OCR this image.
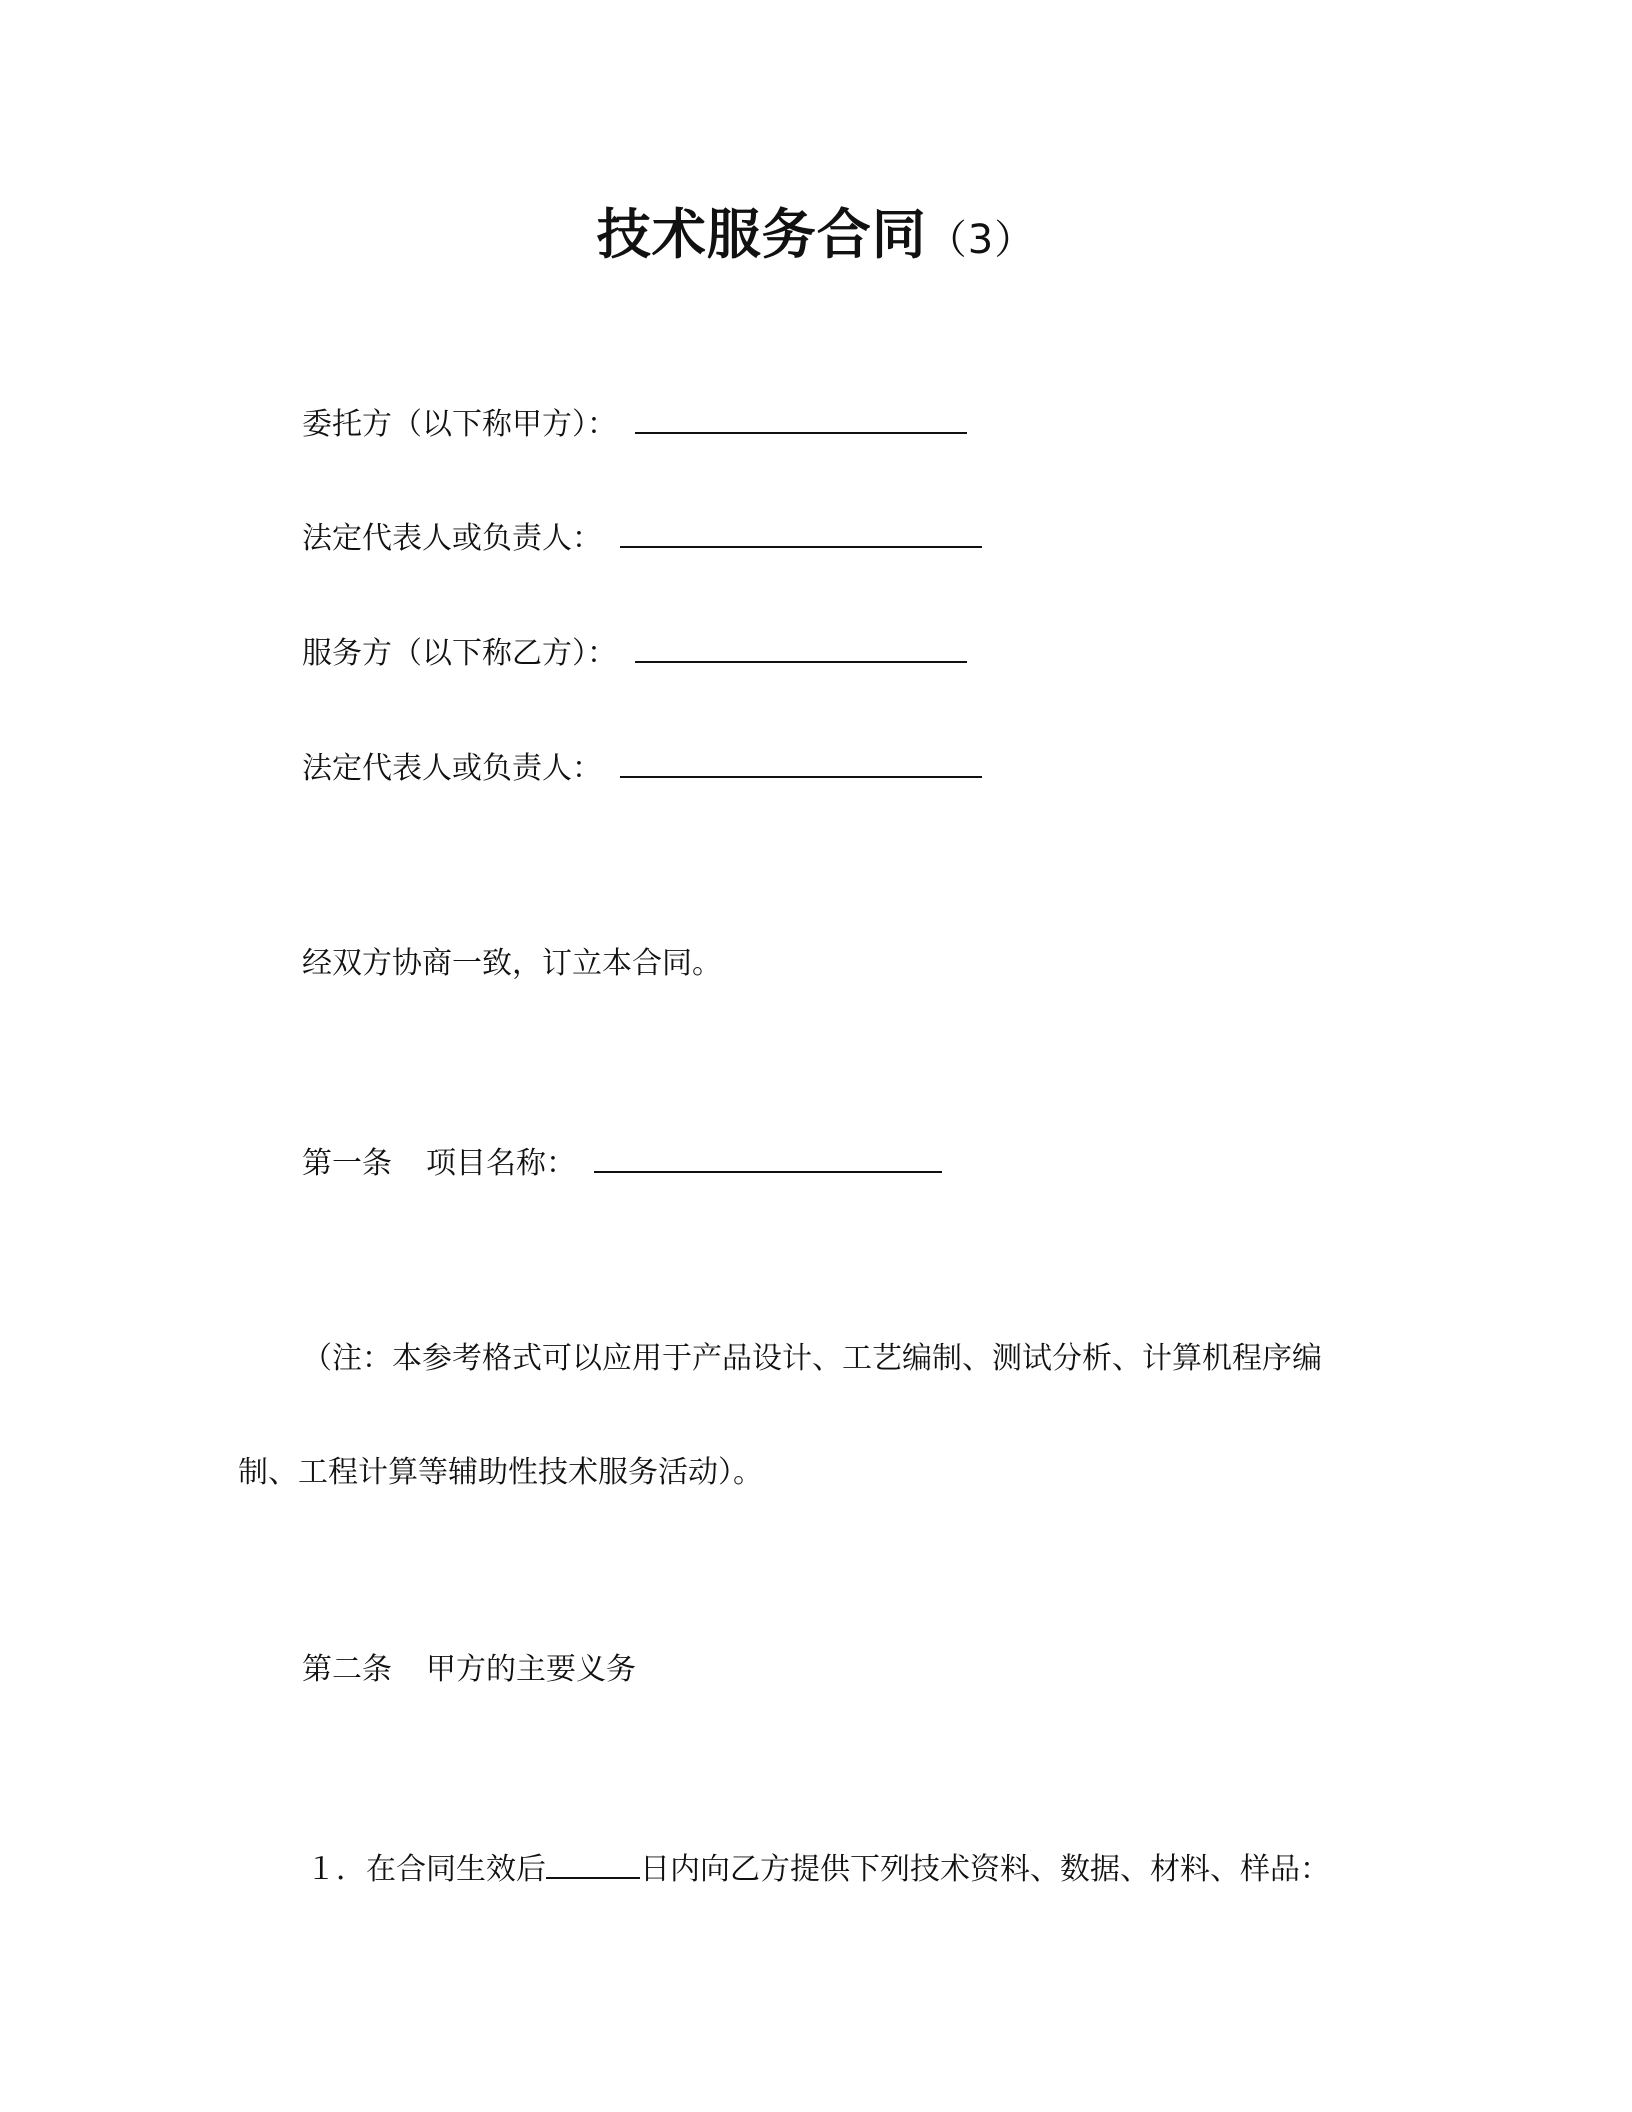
技术服务合同（3）
委托方（以下称甲方）：
法定代表人或负责人：
服务方（以下称乙方）：
法定代表人或负责人：
经双方协商一致，订立本合同。
第一条 项目名称：
（注：本参考格式可以应用于产品设计、工艺编制、测试分析、计算机程序编
制、工程计算等辅助性技术服务活动）。
第二条 甲方的主要义务
１．在合同生效后	日内向乙方提供下列技术资料、数据、材料、样品：
